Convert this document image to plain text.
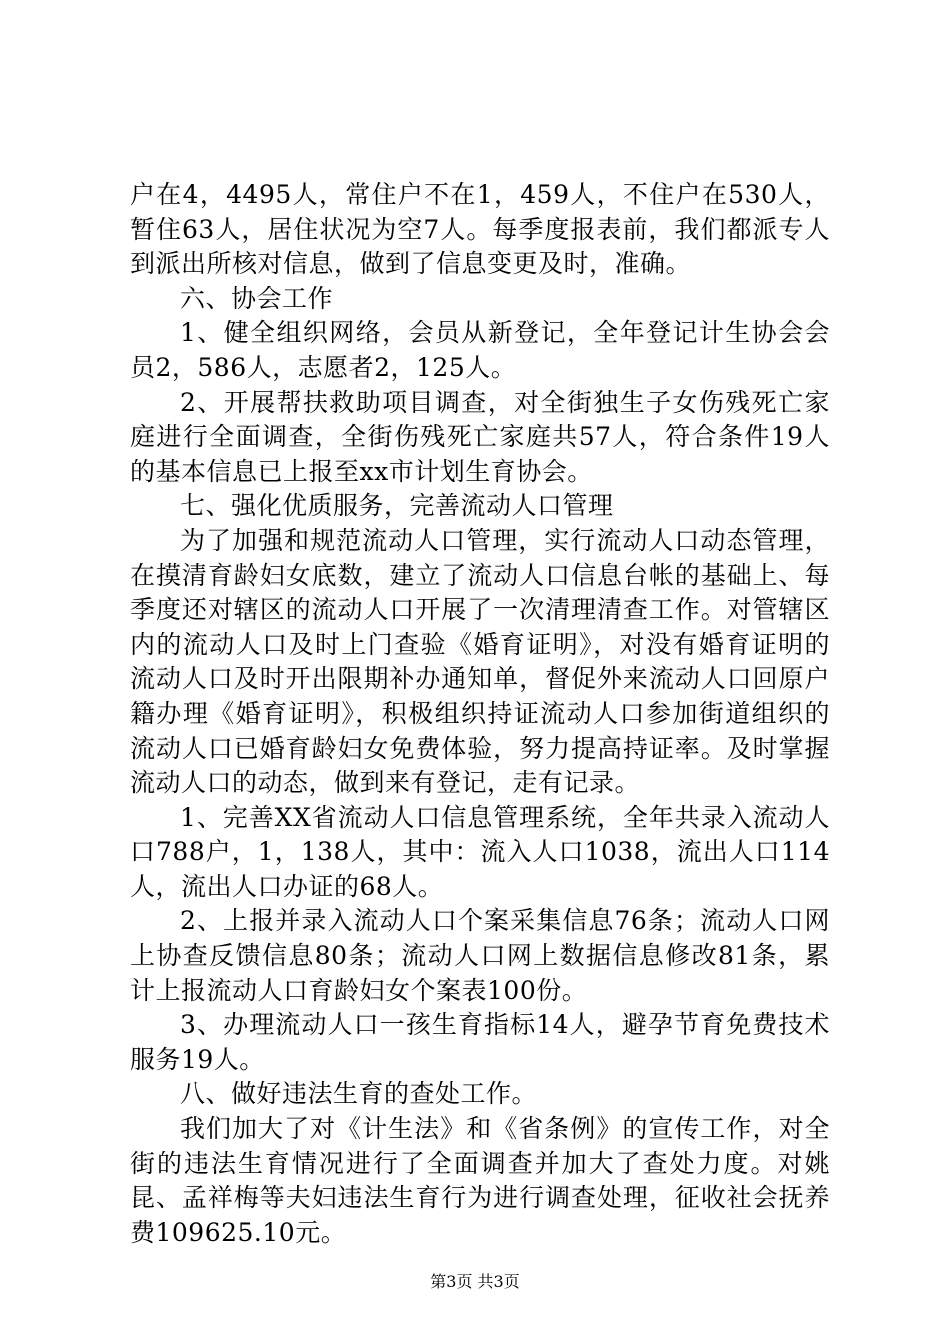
户在4，4495人，常住户不在1，459人，不住户在530人，暂住63人，居住状况为空7人。每季度报表前，我们都派专人到派出所核对信息，做到了信息变更及时，准确。

六、协会工作

1、健全组织网络，会员从新登记，全年登记计生协会会员2，586人，志愿者2，125人。

2、开展帮扶救助项目调查，对全街独生子女伤残死亡家庭进行全面调查，全街伤残死亡家庭共57人，符合条件19人的基本信息已上报至xx市计划生育协会。

七、强化优质服务，完善流动人口管理

为了加强和规范流动人口管理，实行流动人口动态管理，在摸清育龄妇女底数，建立了流动人口信息台帐的基础上、每季度还对辖区的流动人口开展了一次清理清查工作。对管辖区内的流动人口及时上门查验《婚育证明》，对没有婚育证明的流动人口及时开出限期补办通知单，督促外来流动人口回原户籍办理《婚育证明》，积极组织持证流动人口参加街道组织的流动人口已婚育龄妇女免费体验，努力提高持证率。及时掌握流动人口的动态，做到来有登记，走有记录。

1、完善XX省流动人口信息管理系统，全年共录入流动人口788户，1，138人，其中：流入人口1038，流出人口114人，流出人口办证的68人。

2、上报并录入流动人口个案采集信息76条；流动人口网上协查反馈信息80条；流动人口网上数据信息修改81条，累计上报流动人口育龄妇女个案表100份。

3、办理流动人口一孩生育指标14人，避孕节育免费技术服务19人。

八、做好违法生育的查处工作。

我们加大了对《计生法》和《省条例》的宣传工作，对全街的违法生育情况进行了全面调查并加大了查处力度。对姚昆、孟祥梅等夫妇违法生育行为进行调查处理，征收社会抚养费109625.10元。

第3页 共3页
